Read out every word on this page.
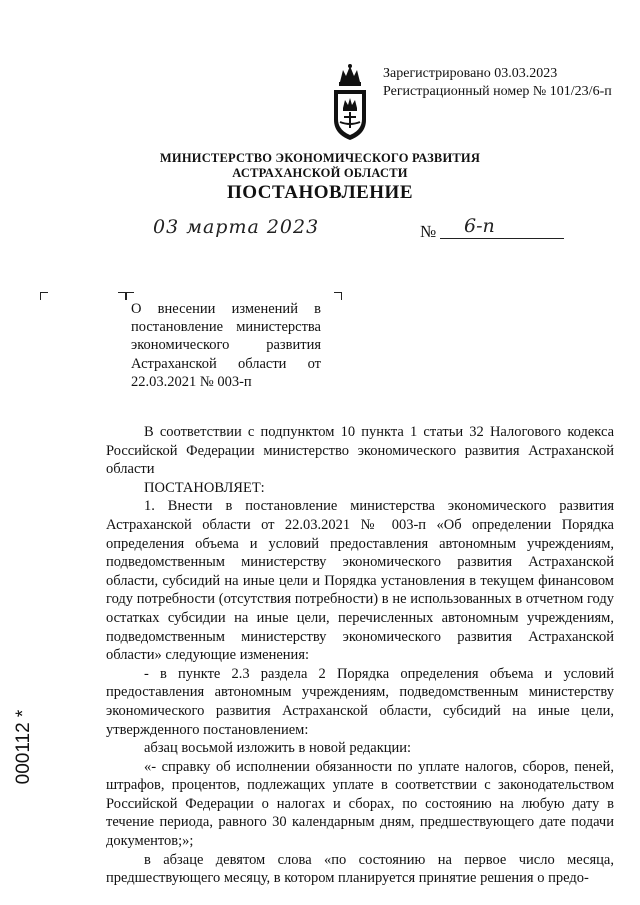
Зарегистрировано 03.03.2023
Регистрационный номер № 101/23/6-п
МИНИСТЕРСТВО ЭКОНОМИЧЕСКОГО РАЗВИТИЯ
АСТРАХАНСКОЙ ОБЛАСТИ
ПОСТАНОВЛЕНИЕ
03 марта 2023	№ 6-п
О внесении изменений в постановление министерства экономического развития Астраханской области от 22.03.2021 № 003-п

В соответствии с подпунктом 10 пункта 1 статьи 32 Налогового кодекса Российской Федерации министерство экономического развития Астраханской области

ПОСТАНОВЛЯЕТ:

1. Внести в постановление министерства экономического развития Астраханской области от 22.03.2021 № 003-п «Об определении Порядка определения объема и условий предоставления автономным учреждениям, подведомственным министерству экономического развития Астраханской области, субсидий на иные цели и Порядка установления в текущем финансовом году потребности (отсутствия потребности) в не использованных в отчетном году остатках субсидии на иные цели, перечисленных автономным учреждениям, подведомственным министерству экономического развития Астраханской области» следующие изменения:

- в пункте 2.3 раздела 2 Порядка определения объема и условий предоставления автономным учреждениям, подведомственным министерству экономического развития Астраханской области, субсидий на иные цели, утвержденного постановлением:

абзац восьмой изложить в новой редакции:

«- справку об исполнении обязанности по уплате налогов, сборов, пеней, штрафов, процентов, подлежащих уплате в соответствии с законодательством Российской Федерации о налогах и сборах, по состоянию на любую дату в течение периода, равного 30 календарным дням, предшествующего дате подачи документов;»;

в абзаце девятом слова «по состоянию на первое число месяца, предшествующего месяцу, в котором планируется принятие решения о предо-

000112 *
